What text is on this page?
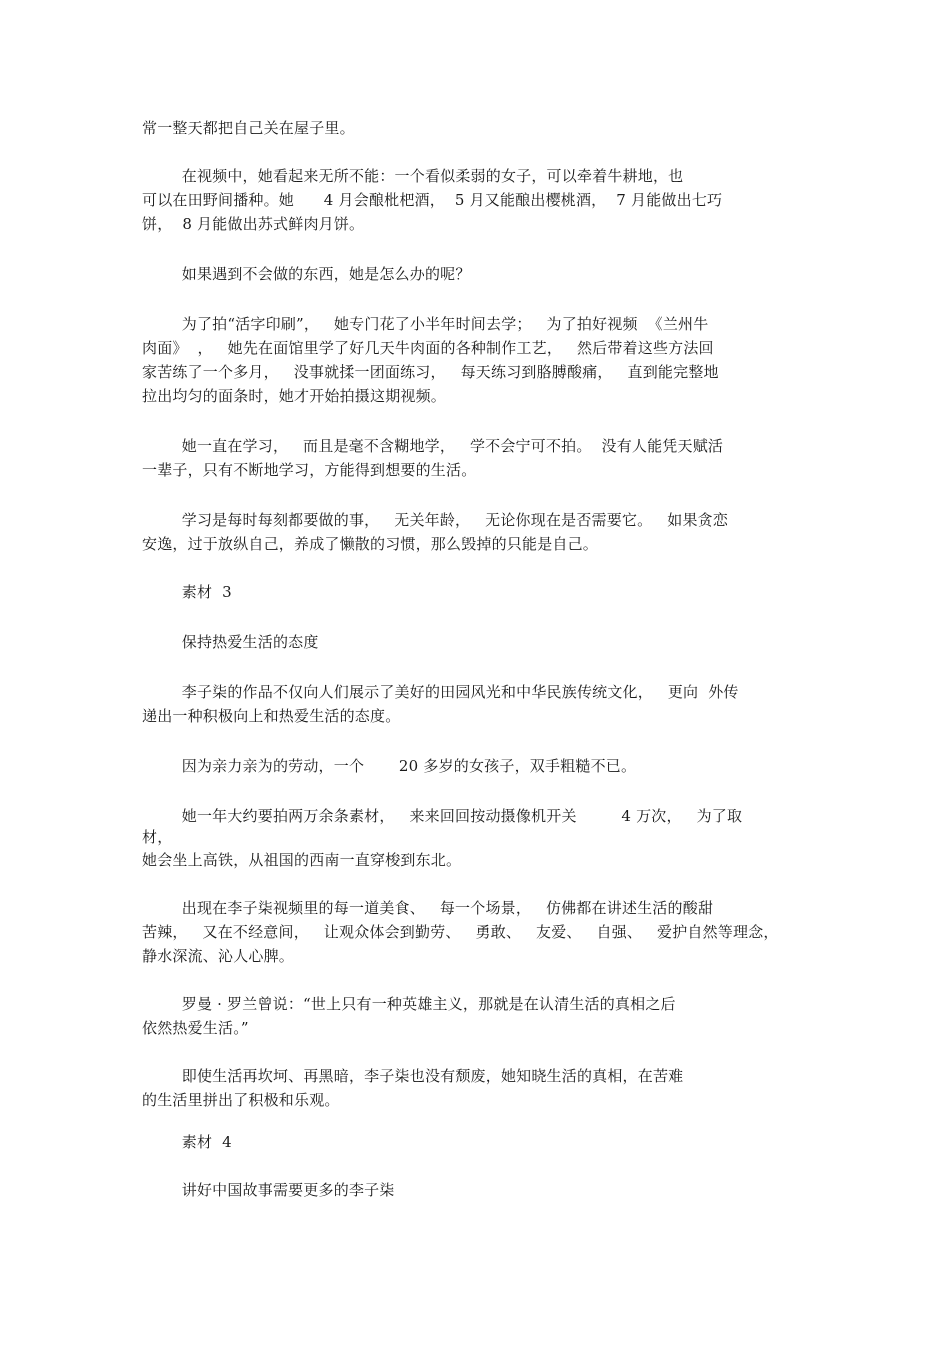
常一整天都把自己关在屋子里。
在视频中，她看起来无所不能：一个看似柔弱的女子，可以牵着牛耕地，也
可以在田野间播种。她      4 月会酿枇杷酒，  5 月又能酿出樱桃酒，  7 月能做出七巧
饼，  8 月能做出苏式鲜肉月饼。
如果遇到不会做的东西，她是怎么办的呢？
为了拍“活字印刷”，   她专门花了小半年时间去学；   为了拍好视频  《兰州牛
肉面》  ，   她先在面馆里学了好几天牛肉面的各种制作工艺，   然后带着这些方法回
家苦练了一个多月，   没事就揉一团面练习，   每天练习到胳膊酸痛，   直到能完整地
拉出均匀的面条时，她才开始拍摄这期视频。
她一直在学习，   而且是毫不含糊地学，   学不会宁可不拍。  没有人能凭天赋活
一辈子，只有不断地学习，方能得到想要的生活。
学习是每时每刻都要做的事，   无关年龄，   无论你现在是否需要它。   如果贪恋
安逸，过于放纵自己，养成了懒散的习惯，那么毁掉的只能是自己。
素材  3
保持热爱生活的态度
李子柒的作品不仅向人们展示了美好的田园风光和中华民族传统文化，   更向  外传
递出一种积极向上和热爱生活的态度。
因为亲力亲为的劳动，一个       20 多岁的女孩子，双手粗糙不已。
她一年大约要拍两万余条素材，   来来回回按动摄像机开关         4 万次，   为了取
材，
她会坐上高铁，从祖国的西南一直穿梭到东北。
出现在李子柒视频里的每一道美食、   每一个场景，   仿佛都在讲述生活的酸甜
苦辣，   又在不经意间，   让观众体会到勤劳、   勇敢、   友爱、   自强、   爱护自然等理念，
静水深流、沁人心脾。
罗曼 · 罗兰曾说：“世上只有一种英雄主义，那就是在认清生活的真相之后
依然热爱生活。”
即使生活再坎坷、再黑暗，李子柒也没有颓废，她知晓生活的真相，在苦难
的生活里拼出了积极和乐观。
素材  4
讲好中国故事需要更多的李子柒
